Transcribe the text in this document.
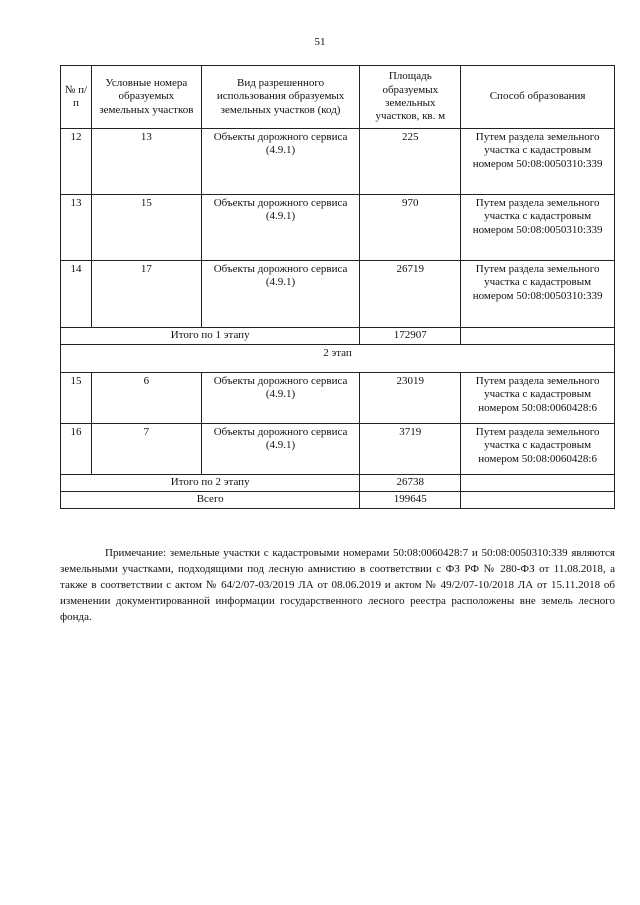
51
№ п/п	Условные номера образуемых земельных участков	Вид разрешенного использования образуемых земельных участков (код)	Площадь образуемых земельных участков, кв. м	Способ образования
12	13	Объекты дорожного сервиса (4.9.1)	225	Путем раздела земельного участка с кадастровым номером 50:08:0050310:339
13	15	Объекты дорожного сервиса (4.9.1)	970	Путем раздела земельного участка с кадастровым номером 50:08:0050310:339
14	17	Объекты дорожного сервиса (4.9.1)	26719	Путем раздела земельного участка с кадастровым номером 50:08:0050310:339
Итого по 1 этапу			172907	
2 этап				
15	6	Объекты дорожного сервиса (4.9.1)	23019	Путем раздела земельного участка с кадастровым номером 50:08:0060428:6
16	7	Объекты дорожного сервиса (4.9.1)	3719	Путем раздела земельного участка с кадастровым номером 50:08:0060428:6
Итого по 2 этапу			26738	
Всего			199645	

Примечание: земельные участки с кадастровыми номерами 50:08:0060428:7 и 50:08:0050310:339 являются земельными участками, подходящими под лесную амнистию в соответствии с ФЗ РФ № 280-ФЗ от 11.08.2018, а также в соответствии с актом № 64/2/07-03/2019 ЛА от 08.06.2019 и актом № 49/2/07-10/2018 ЛА от 15.11.2018 об изменении документированной информации государственного лесного реестра расположены вне земель лесного фонда.
